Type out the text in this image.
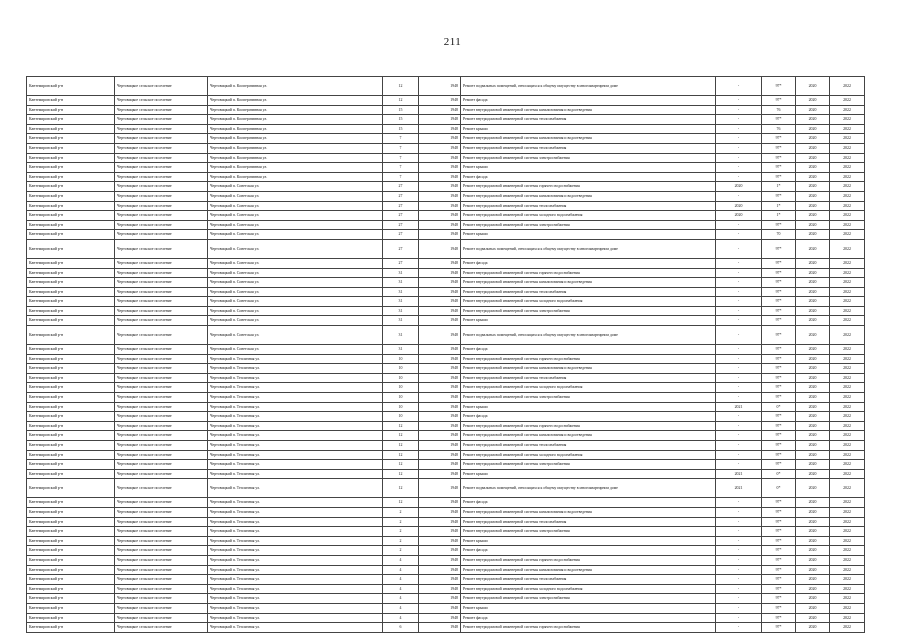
211
Кантемировский р-н	Чертовицкое сельское поселение	Чертовицкий п. Кооперативная ул.	12	1948	Ремонт подвальных помещений, относящихся к общему имуществу в многоквартирном доме	-	97*	2020	2022
Кантемировский р-н	Чертовицкое сельское поселение	Чертовицкий п. Кооперативная ул.	12	1948	Ремонт фасада	-	97*	2020	2022
Кантемировский р-н	Чертовицкое сельское поселение	Чертовицкий п. Кооперативная ул.	15	1948	Ремонт внутридомовой инженерной системы канализования и водоотведения	-	76	2020	2022
Кантемировский р-н	Чертовицкое сельское поселение	Чертовицкий п. Кооперативная ул.	15	1948	Ремонт внутридомовой инженерной системы теплоснабжения	-	97*	2020	2022
Кантемировский р-н	Чертовицкое сельское поселение	Чертовицкий п. Кооперативная ул.	15	1948	Ремонт крыши	-	76	2020	2022
Кантемировский р-н	Чертовицкое сельское поселение	Чертовицкий п. Кооперативная ул.	7	1948	Ремонт внутридомовой инженерной системы канализования и водоотведения	-	97*	2020	2022
Кантемировский р-н	Чертовицкое сельское поселение	Чертовицкий п. Кооперативная ул.	7	1948	Ремонт внутридомовой инженерной системы теплоснабжения	-	97*	2020	2022
Кантемировский р-н	Чертовицкое сельское поселение	Чертовицкий п. Кооперативная ул.	7	1948	Ремонт внутридомовой инженерной системы электроснабжения	-	97*	2020	2022
Кантемировский р-н	Чертовицкое сельское поселение	Чертовицкий п. Кооперативная ул.	7	1948	Ремонт крыши	-	97*	2020	2022
Кантемировский р-н	Чертовицкое сельское поселение	Чертовицкий п. Кооперативная ул.	7	1948	Ремонт фасада	-	97*	2020	2022
Кантемировский р-н	Чертовицкое сельское поселение	Чертовицкий п. Советская ул.	27	1948	Ремонт внутридомовой инженерной системы горячего водоснабжения	2020	1*	2020	2022
Кантемировский р-н	Чертовицкое сельское поселение	Чертовицкий п. Советская ул.	27	1948	Ремонт внутридомовой инженерной системы канализования и водоотведения	-	97*	2020	2022
Кантемировский р-н	Чертовицкое сельское поселение	Чертовицкий п. Советская ул.	27	1948	Ремонт внутридомовой инженерной системы теплоснабжения	2020	1*	2020	2022
Кантемировский р-н	Чертовицкое сельское поселение	Чертовицкий п. Советская ул.	27	1948	Ремонт внутридомовой инженерной системы холодного водоснабжения	2020	1*	2020	2022
Кантемировский р-н	Чертовицкое сельское поселение	Чертовицкий п. Советская ул.	27	1948	Ремонт внутридомовой инженерной системы электроснабжения	-	97*	2020	2022
Кантемировский р-н	Чертовицкое сельское поселение	Чертовицкий п. Советская ул.	27	1948	Ремонт крыши	-	70	2020	2022
Кантемировский р-н	Чертовицкое сельское поселение	Чертовицкий п. Советская ул.	27	1948	Ремонт подвальных помещений, относящихся к общему имуществу в многоквартирном доме	-	97*	2020	2022
Кантемировский р-н	Чертовицкое сельское поселение	Чертовицкий п. Советская ул.	27	1948	Ремонт фасада	-	97*	2020	2022
Кантемировский р-н	Чертовицкое сельское поселение	Чертовицкий п. Советская ул.	31	1948	Ремонт внутридомовой инженерной системы горячего водоснабжения	-	97*	2020	2022
Кантемировский р-н	Чертовицкое сельское поселение	Чертовицкий п. Советская ул.	31	1948	Ремонт внутридомовой инженерной системы канализования и водоотведения	-	97*	2020	2022
Кантемировский р-н	Чертовицкое сельское поселение	Чертовицкий п. Советская ул.	31	1948	Ремонт внутридомовой инженерной системы теплоснабжения	-	97*	2020	2022
Кантемировский р-н	Чертовицкое сельское поселение	Чертовицкий п. Советская ул.	31	1948	Ремонт внутридомовой инженерной системы холодного водоснабжения	-	97*	2020	2022
Кантемировский р-н	Чертовицкое сельское поселение	Чертовицкий п. Советская ул.	31	1948	Ремонт внутридомовой инженерной системы электроснабжения	-	97*	2020	2022
Кантемировский р-н	Чертовицкое сельское поселение	Чертовицкий п. Советская ул.	31	1948	Ремонт крыши	-	97*	2020	2022
Кантемировский р-н	Чертовицкое сельское поселение	Чертовицкий п. Советская ул.	31	1948	Ремонт подвальных помещений, относящихся к общему имуществу в многоквартирном доме	-	97*	2020	2022
Кантемировский р-н	Чертовицкое сельское поселение	Чертовицкий п. Советская ул.	31	1948	Ремонт фасада	-	97*	2020	2022
Кантемировский р-н	Чертовицкое сельское поселение	Чертовицкий п. Тепличная ул.	10	1948	Ремонт внутридомовой инженерной системы горячего водоснабжения	-	97*	2020	2022
Кантемировский р-н	Чертовицкое сельское поселение	Чертовицкий п. Тепличная ул.	10	1948	Ремонт внутридомовой инженерной системы канализования и водоотведения	-	97*	2020	2022
Кантемировский р-н	Чертовицкое сельское поселение	Чертовицкий п. Тепличная ул.	10	1948	Ремонт внутридомовой инженерной системы теплоснабжения	-	97*	2020	2022
Кантемировский р-н	Чертовицкое сельское поселение	Чертовицкий п. Тепличная ул.	10	1948	Ремонт внутридомовой инженерной системы холодного водоснабжения	-	97*	2020	2022
Кантемировский р-н	Чертовицкое сельское поселение	Чертовицкий п. Тепличная ул.	10	1948	Ремонт внутридомовой инженерной системы электроснабжения	-	97*	2020	2022
Кантемировский р-н	Чертовицкое сельское поселение	Чертовицкий п. Тепличная ул.	10	1948	Ремонт крыши	2021	0*	2020	2022
Кантемировский р-н	Чертовицкое сельское поселение	Чертовицкий п. Тепличная ул.	10	1948	Ремонт фасада	-	97*	2020	2022
Кантемировский р-н	Чертовицкое сельское поселение	Чертовицкий п. Тепличная ул.	12	1948	Ремонт внутридомовой инженерной системы горячего водоснабжения	-	97*	2020	2022
Кантемировский р-н	Чертовицкое сельское поселение	Чертовицкий п. Тепличная ул.	12	1948	Ремонт внутридомовой инженерной системы канализования и водоотведения	-	97*	2020	2022
Кантемировский р-н	Чертовицкое сельское поселение	Чертовицкий п. Тепличная ул.	12	1948	Ремонт внутридомовой инженерной системы теплоснабжения	-	97*	2020	2022
Кантемировский р-н	Чертовицкое сельское поселение	Чертовицкий п. Тепличная ул.	12	1948	Ремонт внутридомовой инженерной системы холодного водоснабжения	-	97*	2020	2022
Кантемировский р-н	Чертовицкое сельское поселение	Чертовицкий п. Тепличная ул.	12	1948	Ремонт внутридомовой инженерной системы электроснабжения	-	97*	2020	2022
Кантемировский р-н	Чертовицкое сельское поселение	Чертовицкий п. Тепличная ул.	12	1948	Ремонт крыши	2021	0*	2020	2022
Кантемировский р-н	Чертовицкое сельское поселение	Чертовицкий п. Тепличная ул.	12	1948	Ремонт подвальных помещений, относящихся к общему имуществу в многоквартирном доме	2021	0*	2020	2022
Кантемировский р-н	Чертовицкое сельское поселение	Чертовицкий п. Тепличная ул.	12	1948	Ремонт фасада	-	97*	2020	2022
Кантемировский р-н	Чертовицкое сельское поселение	Чертовицкий п. Тепличная ул.	2	1948	Ремонт внутридомовой инженерной системы канализования и водоотведения	-	97*	2020	2022
Кантемировский р-н	Чертовицкое сельское поселение	Чертовицкий п. Тепличная ул.	2	1948	Ремонт внутридомовой инженерной системы теплоснабжения	-	97*	2020	2022
Кантемировский р-н	Чертовицкое сельское поселение	Чертовицкий п. Тепличная ул.	2	1948	Ремонт внутридомовой инженерной системы электроснабжения	-	97*	2020	2022
Кантемировский р-н	Чертовицкое сельское поселение	Чертовицкий п. Тепличная ул.	2	1948	Ремонт крыши	-	97*	2020	2022
Кантемировский р-н	Чертовицкое сельское поселение	Чертовицкий п. Тепличная ул.	2	1948	Ремонт фасада	-	97*	2020	2022
Кантемировский р-н	Чертовицкое сельское поселение	Чертовицкий п. Тепличная ул.	4	1948	Ремонт внутридомовой инженерной системы горячего водоснабжения	-	97*	2020	2022
Кантемировский р-н	Чертовицкое сельское поселение	Чертовицкий п. Тепличная ул.	4	1948	Ремонт внутридомовой инженерной системы канализования и водоотведения	-	97*	2020	2022
Кантемировский р-н	Чертовицкое сельское поселение	Чертовицкий п. Тепличная ул.	4	1948	Ремонт внутридомовой инженерной системы теплоснабжения	-	97*	2020	2022
Кантемировский р-н	Чертовицкое сельское поселение	Чертовицкий п. Тепличная ул.	4	1948	Ремонт внутридомовой инженерной системы холодного водоснабжения	-	97*	2020	2022
Кантемировский р-н	Чертовицкое сельское поселение	Чертовицкий п. Тепличная ул.	4	1948	Ремонт внутридомовой инженерной системы электроснабжения	-	97*	2020	2022
Кантемировский р-н	Чертовицкое сельское поселение	Чертовицкий п. Тепличная ул.	4	1948	Ремонт крыши	-	97*	2020	2022
Кантемировский р-н	Чертовицкое сельское поселение	Чертовицкий п. Тепличная ул.	4	1948	Ремонт фасада	-	97*	2020	2022
Кантемировский р-н	Чертовицкое сельское поселение	Чертовицкий п. Тепличная ул.	6	1948	Ремонт внутридомовой инженерной системы горячего водоснабжения	-	97*	2020	2022
